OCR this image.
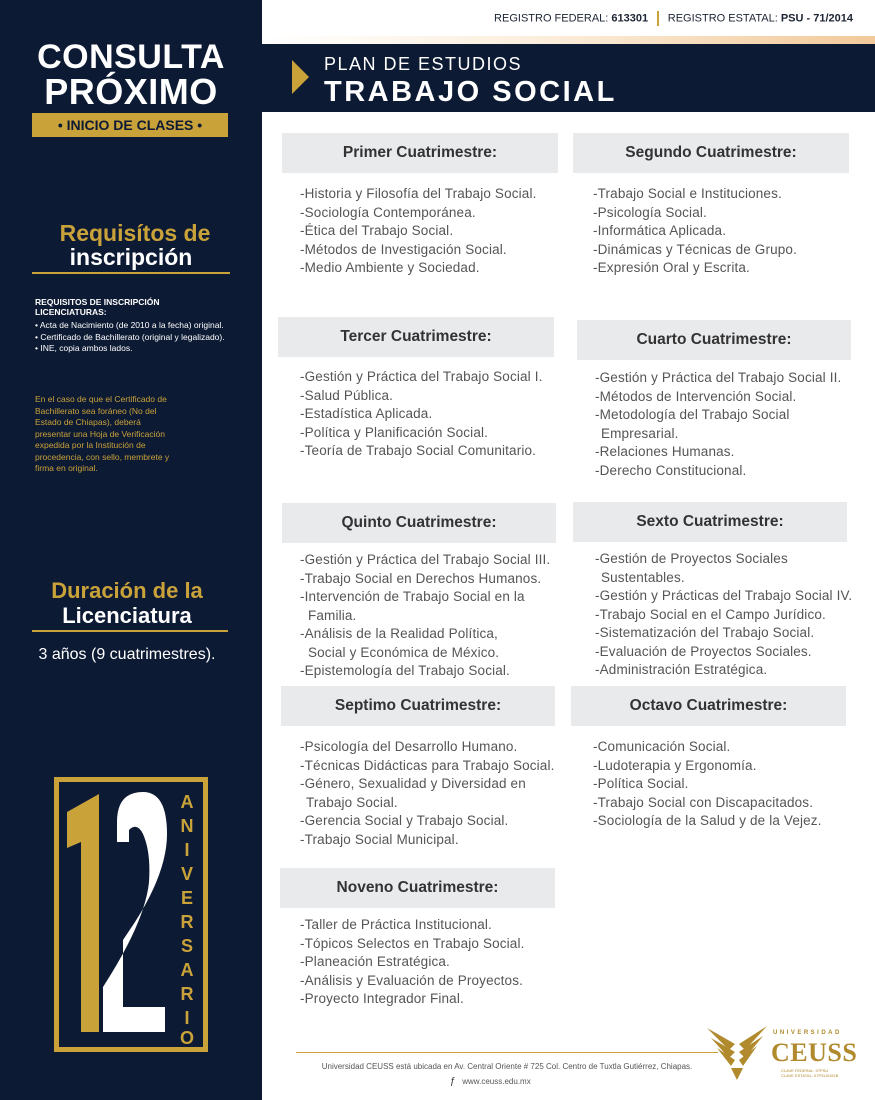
CONSULTA
PRÓXIMO
• INICIO DE CLASES •
Requisítos de
inscripción
REQUISITOS DE INSCRIPCIÓN LICENCIATURAS:
• Acta de Nacimiento (de 2010 a la fecha) original.
• Certificado de Bachillerato (original y legalizado).
• INE, copia ambos lados.
En el caso de que el Certificado de Bachillerato sea foráneo (No del Estado de Chiapas), deberá presentar una Hoja de Verificación expedida por la Institución de procedencia, con sello, membrete y firma en original.
Duración de la
Licenciatura
3 años (9 cuatrimestres).
A
N
I
V
E
R
S
A
R
I
O
REGISTRO FEDERAL: 613301 REGISTRO ESTATAL: PSU - 71/2014
PLAN DE ESTUDIOS
TRABAJO SOCIAL
Primer Cuatrimestre:
-Historia y Filosofía del Trabajo Social.
-Sociología Contemporánea.
-Ética del Trabajo Social.
-Métodos de Investigación Social.
-Medio Ambiente y Sociedad.
Segundo Cuatrimestre:
-Trabajo Social e Instituciones.
-Psicología Social.
-Informática Aplicada.
-Dinámicas y Técnicas de Grupo.
-Expresión Oral y Escrita.
Tercer Cuatrimestre:
-Gestión y Práctica del Trabajo Social I.
-Salud Pública.
-Estadística Aplicada.
-Política y Planificación Social.
-Teoría de Trabajo Social Comunitario.
Cuarto Cuatrimestre:
-Gestión y Práctica del Trabajo Social II.
-Métodos de Intervención Social.
-Metodología del Trabajo Social
Empresarial.
-Relaciones Humanas.
-Derecho Constitucional.
Quinto Cuatrimestre:
-Gestión y Práctica del Trabajo Social III.
-Trabajo Social en Derechos Humanos.
-Intervención de Trabajo Social en la
Familia.
-Análisis de la Realidad Política,
Social y Económica de México.
-Epistemología del Trabajo Social.
Sexto Cuatrimestre:
-Gestión de Proyectos Sociales
Sustentables.
-Gestión y Prácticas del Trabajo Social IV.
-Trabajo Social en el Campo Jurídico.
-Sistematización del Trabajo Social.
-Evaluación de Proyectos Sociales.
-Administración Estratégica.
Septimo Cuatrimestre:
-Psicología del Desarrollo Humano.
-Técnicas Didácticas para Trabajo Social.
-Género, Sexualidad y Diversidad en
Trabajo Social.
-Gerencia Social y Trabajo Social.
-Trabajo Social Municipal.
Octavo Cuatrimestre:
-Comunicación Social.
-Ludoterapia y Ergonomía.
-Política Social.
-Trabajo Social con Discapacitados.
-Sociología de la Salud y de la Vejez.
Noveno Cuatrimestre:
-Taller de Práctica Institucional.
-Tópicos Selectos en Trabajo Social.
-Planeación Estratégica.
-Análisis y Evaluación de Proyectos.
-Proyecto Integrador Final.
Universidad CEUSS está ubicada en Av. Central Oriente # 725 Col. Centro de Tuxtla Gutiérrez, Chiapas.
ƒ www.ceuss.edu.mx
UNIVERSIDAD
CEUSS
CLAVE FEDERAL: 07PSU
CLAVE ESTATAL: 07PSU0151B
